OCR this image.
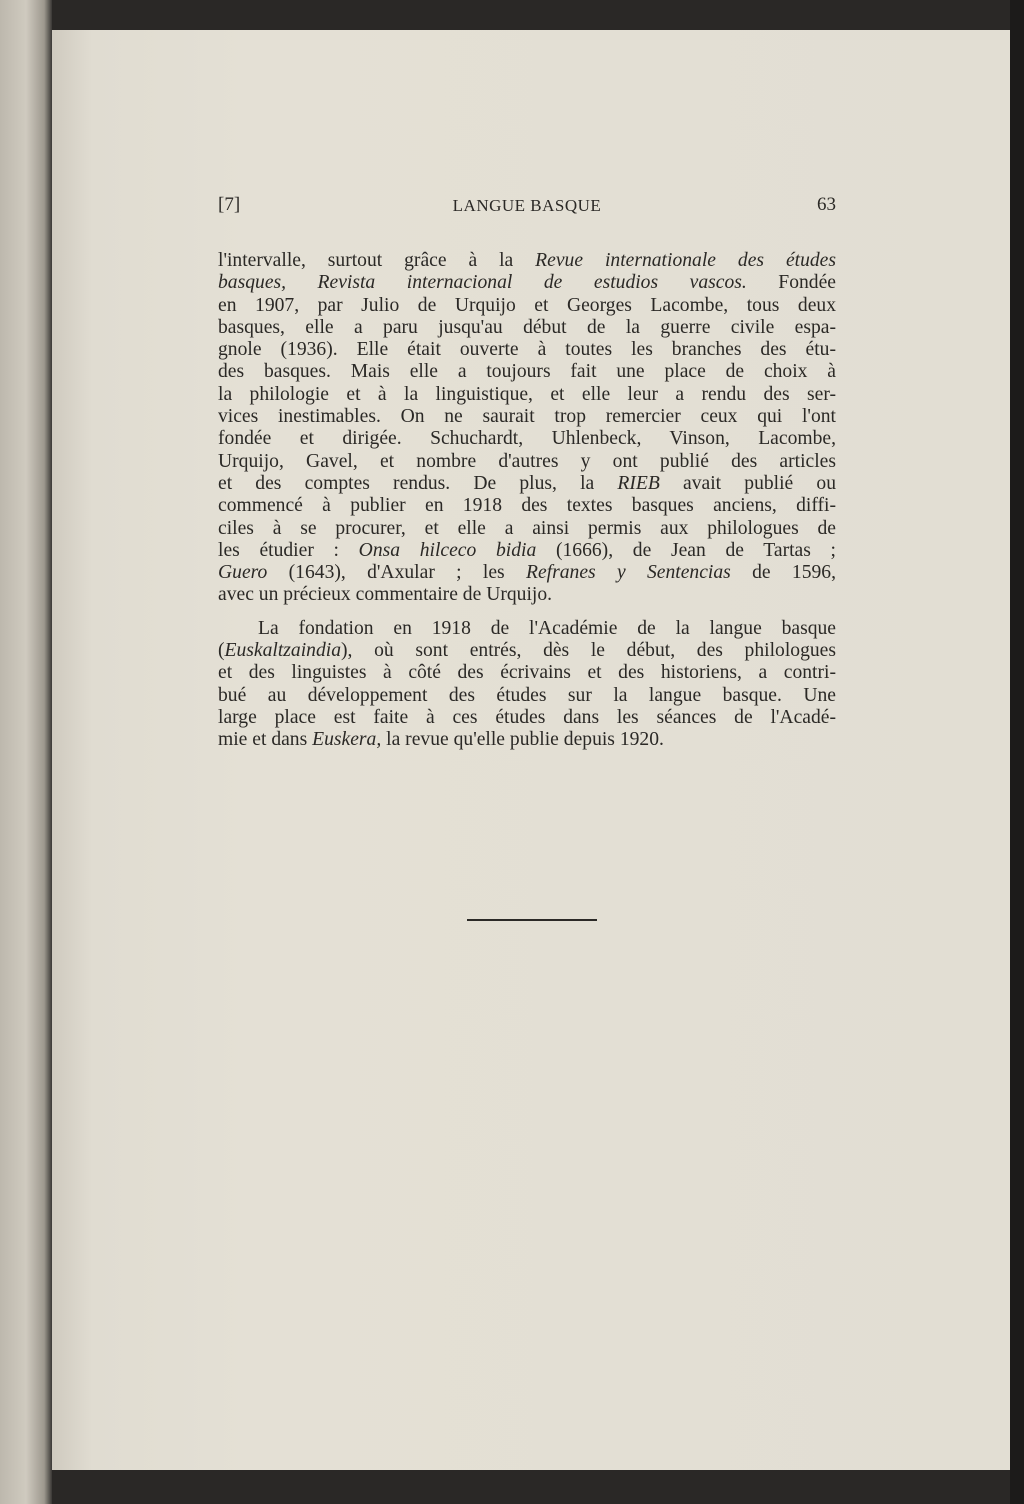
[7]	LANGUE BASQUE	63
l'intervalle, surtout grâce à la Revue internationale des études
basques, Revista internacional de estudios vascos. Fondée
en 1907, par Julio de Urquijo et Georges Lacombe, tous deux
basques, elle a paru jusqu'au début de la guerre civile espa-
gnole (1936). Elle était ouverte à toutes les branches des étu-
des basques. Mais elle a toujours fait une place de choix à
la philologie et à la linguistique, et elle leur a rendu des ser-
vices inestimables. On ne saurait trop remercier ceux qui l'ont
fondée et dirigée. Schuchardt, Uhlenbeck, Vinson, Lacombe,
Urquijo, Gavel, et nombre d'autres y ont publié des articles
et des comptes rendus. De plus, la RIEB avait publié ou
commencé à publier en 1918 des textes basques anciens, diffi-
ciles à se procurer, et elle a ainsi permis aux philologues de
les étudier : Onsa hilceco bidia (1666), de Jean de Tartas ;
Guero (1643), d'Axular ; les Refranes y Sentencias de 1596,
avec un précieux commentaire de Urquijo.
La fondation en 1918 de l'Académie de la langue basque
(Euskaltzaindia), où sont entrés, dès le début, des philologues
et des linguistes à côté des écrivains et des historiens, a contri-
bué au développement des études sur la langue basque. Une
large place est faite à ces études dans les séances de l'Acadé-
mie et dans Euskera, la revue qu'elle publie depuis 1920.
